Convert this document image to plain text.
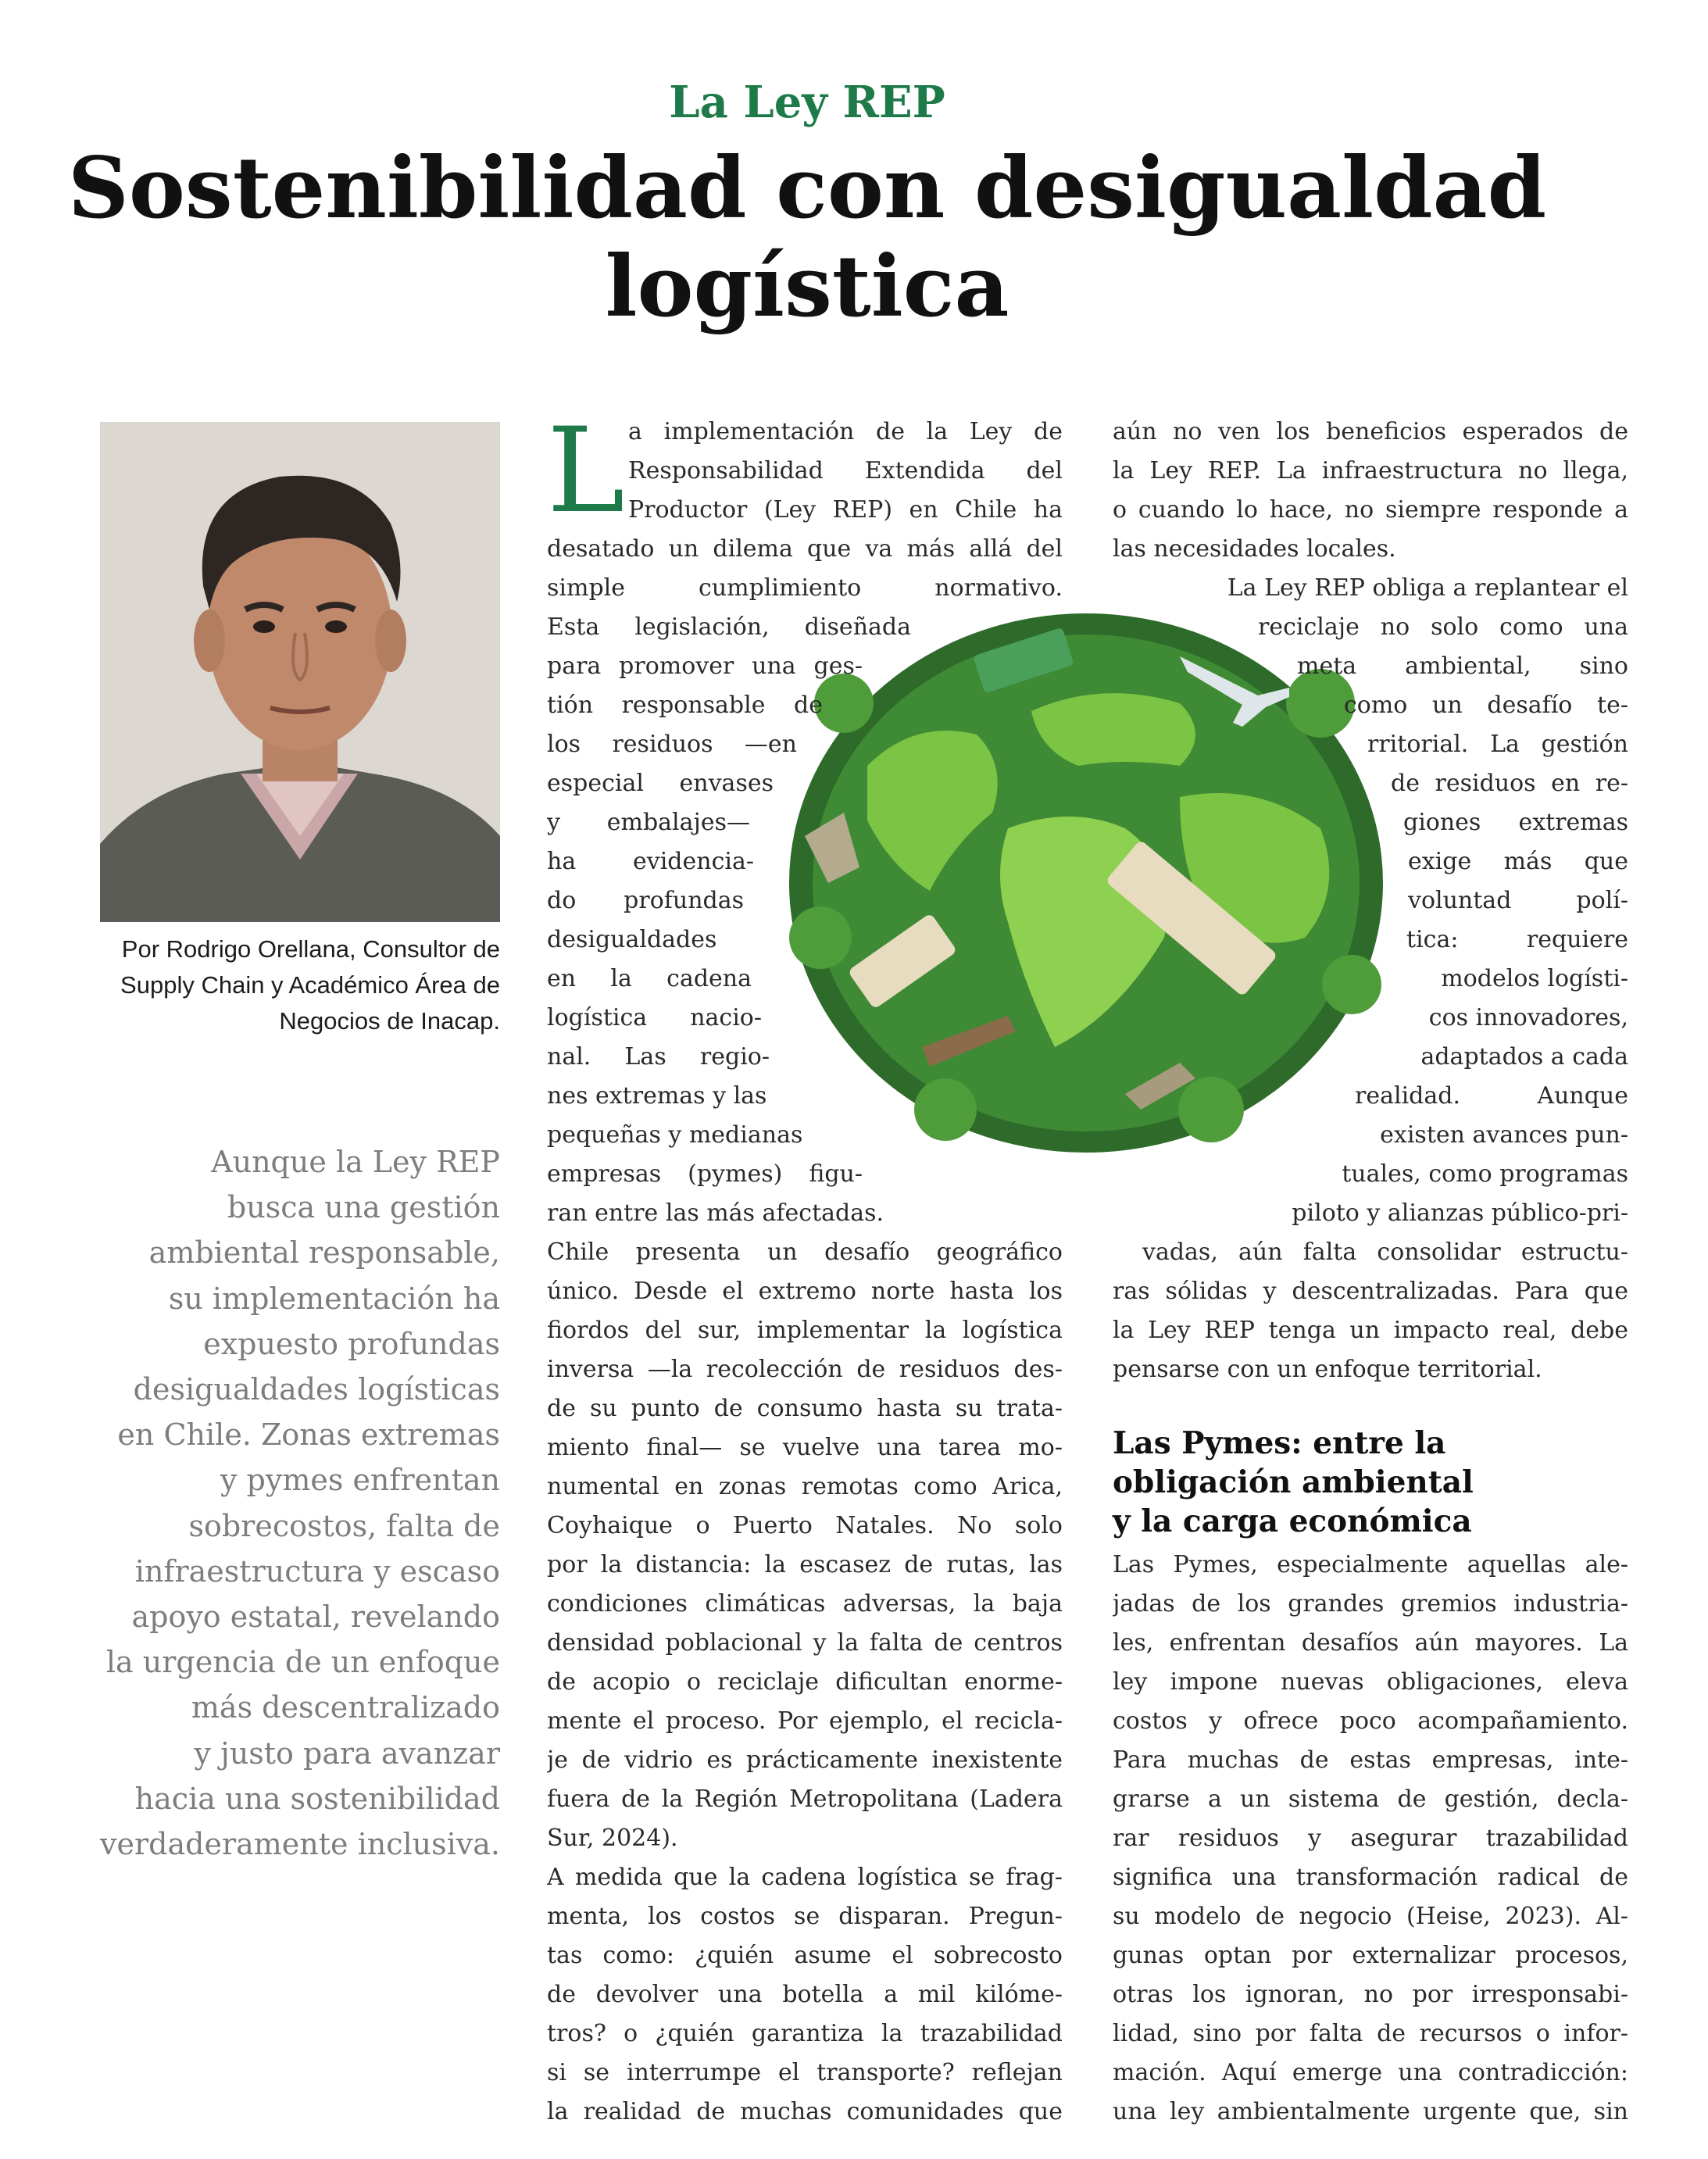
La Ley REP
Sostenibilidad con desigualdad
logística
Por Rodrigo Orellana, Consultor de
Supply Chain y Académico Área de
Negocios de Inacap.
Aunque la Ley REP
busca una gestión
ambiental responsable,
su implementación ha
expuesto profundas
desigualdades logísticas
en Chile. Zonas extremas
y pymes enfrentan
sobrecostos, falta de
infraestructura y escaso
apoyo estatal, revelando
la urgencia de un enfoque
más descentralizado
y justo para avanzar
hacia una sostenibilidad
verdaderamente inclusiva.
L a implementación de la Ley de
Responsabilidad Extendida del
Productor (Ley REP) en Chile ha
desatado un dilema que va más allá del
simple cumplimiento normativo.
Esta legislación, diseñada
para promover una ges-
tión responsable de
los residuos —en
especial envases
y embalajes—
ha evidencia-
do profundas
desigualdades
en la cadena
logística nacio-
nal. Las regio-
nes extremas y las
pequeñas y medianas
empresas (pymes) figu-
ran entre las más afectadas.
Chile presenta un desafío geográfico
único. Desde el extremo norte hasta los
fiordos del sur, implementar la logística
inversa —la recolección de residuos des-
de su punto de consumo hasta su trata-
miento final— se vuelve una tarea mo-
numental en zonas remotas como Arica,
Coyhaique o Puerto Natales. No solo
por la distancia: la escasez de rutas, las
condiciones climáticas adversas, la baja
densidad poblacional y la falta de centros
de acopio o reciclaje dificultan enorme-
mente el proceso. Por ejemplo, el recicla-
je de vidrio es prácticamente inexistente
fuera de la Región Metropolitana (Ladera
Sur, 2024).
A medida que la cadena logística se frag-
menta, los costos se disparan. Pregun-
tas como: ¿quién asume el sobrecosto
de devolver una botella a mil kilóme-
tros? o ¿quién garantiza la trazabilidad
si se interrumpe el transporte? reflejan
la realidad de muchas comunidades que
aún no ven los beneficios esperados de
la Ley REP. La infraestructura no llega,
o cuando lo hace, no siempre responde a
las necesidades locales.
La Ley REP obliga a replantear el
reciclaje no solo como una
meta ambiental, sino
como un desafío te-
rritorial. La gestión
de residuos en re-
giones extremas
exige más que
voluntad polí-
tica: requiere
modelos logísti-
cos innovadores,
adaptados a cada
realidad. Aunque
existen avances pun-
tuales, como programas
piloto y alianzas público-pri-
vadas, aún falta consolidar estructu-
ras sólidas y descentralizadas. Para que
la Ley REP tenga un impacto real, debe
pensarse con un enfoque territorial.
Las Pymes: entre la
obligación ambiental
y la carga económica
Las Pymes, especialmente aquellas ale-
jadas de los grandes gremios industria-
les, enfrentan desafíos aún mayores. La
ley impone nuevas obligaciones, eleva
costos y ofrece poco acompañamiento.
Para muchas de estas empresas, inte-
grarse a un sistema de gestión, decla-
rar residuos y asegurar trazabilidad
significa una transformación radical de
su modelo de negocio (Heise, 2023). Al-
gunas optan por externalizar procesos,
otras los ignoran, no por irresponsabi-
lidad, sino por falta de recursos o infor-
mación. Aquí emerge una contradicción:
una ley ambientalmente urgente que, sin
